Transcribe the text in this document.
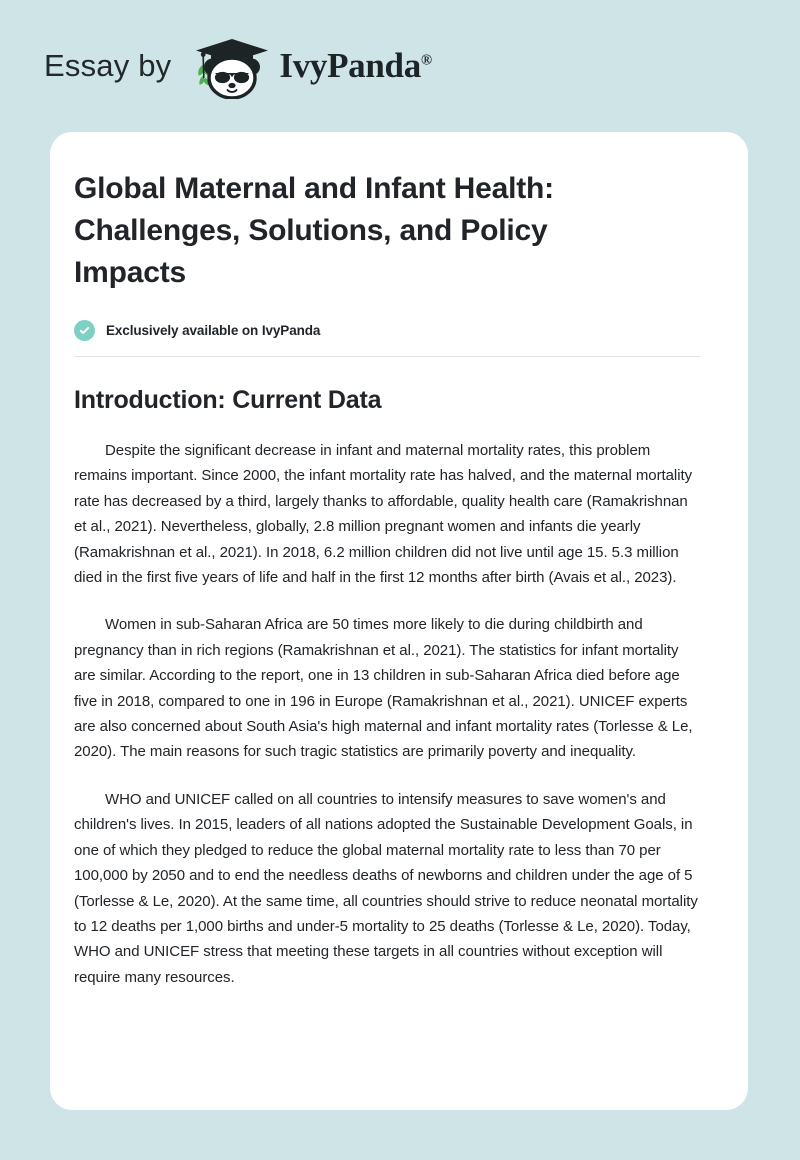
Essay by	IvyPanda®
Global Maternal and Infant Health: Challenges, Solutions, and Policy Impacts
Exclusively available on IvyPanda
Introduction: Current Data

Despite the significant decrease in infant and maternal mortality rates, this problem remains important. Since 2000, the infant mortality rate has halved, and the maternal mortality rate has decreased by a third, largely thanks to affordable, quality health care (Ramakrishnan et al., 2021). Nevertheless, globally, 2.8 million pregnant women and infants die yearly (Ramakrishnan et al., 2021). In 2018, 6.2 million children did not live until age 15. 5.3 million died in the first five years of life and half in the first 12 months after birth (Avais et al., 2023).

Women in sub-Saharan Africa are 50 times more likely to die during childbirth and pregnancy than in rich regions (Ramakrishnan et al., 2021). The statistics for infant mortality are similar. According to the report, one in 13 children in sub-Saharan Africa died before age five in 2018, compared to one in 196 in Europe (Ramakrishnan et al., 2021). UNICEF experts are also concerned about South Asia's high maternal and infant mortality rates (Torlesse & Le, 2020). The main reasons for such tragic statistics are primarily poverty and inequality.

WHO and UNICEF called on all countries to intensify measures to save women's and children's lives. In 2015, leaders of all nations adopted the Sustainable Development Goals, in one of which they pledged to reduce the global maternal mortality rate to less than 70 per 100,000 by 2050 and to end the needless deaths of newborns and children under the age of 5 (Torlesse & Le, 2020). At the same time, all countries should strive to reduce neonatal mortality to 12 deaths per 1,000 births and under-5 mortality to 25 deaths (Torlesse & Le, 2020). Today, WHO and UNICEF stress that meeting these targets in all countries without exception will require many resources.
